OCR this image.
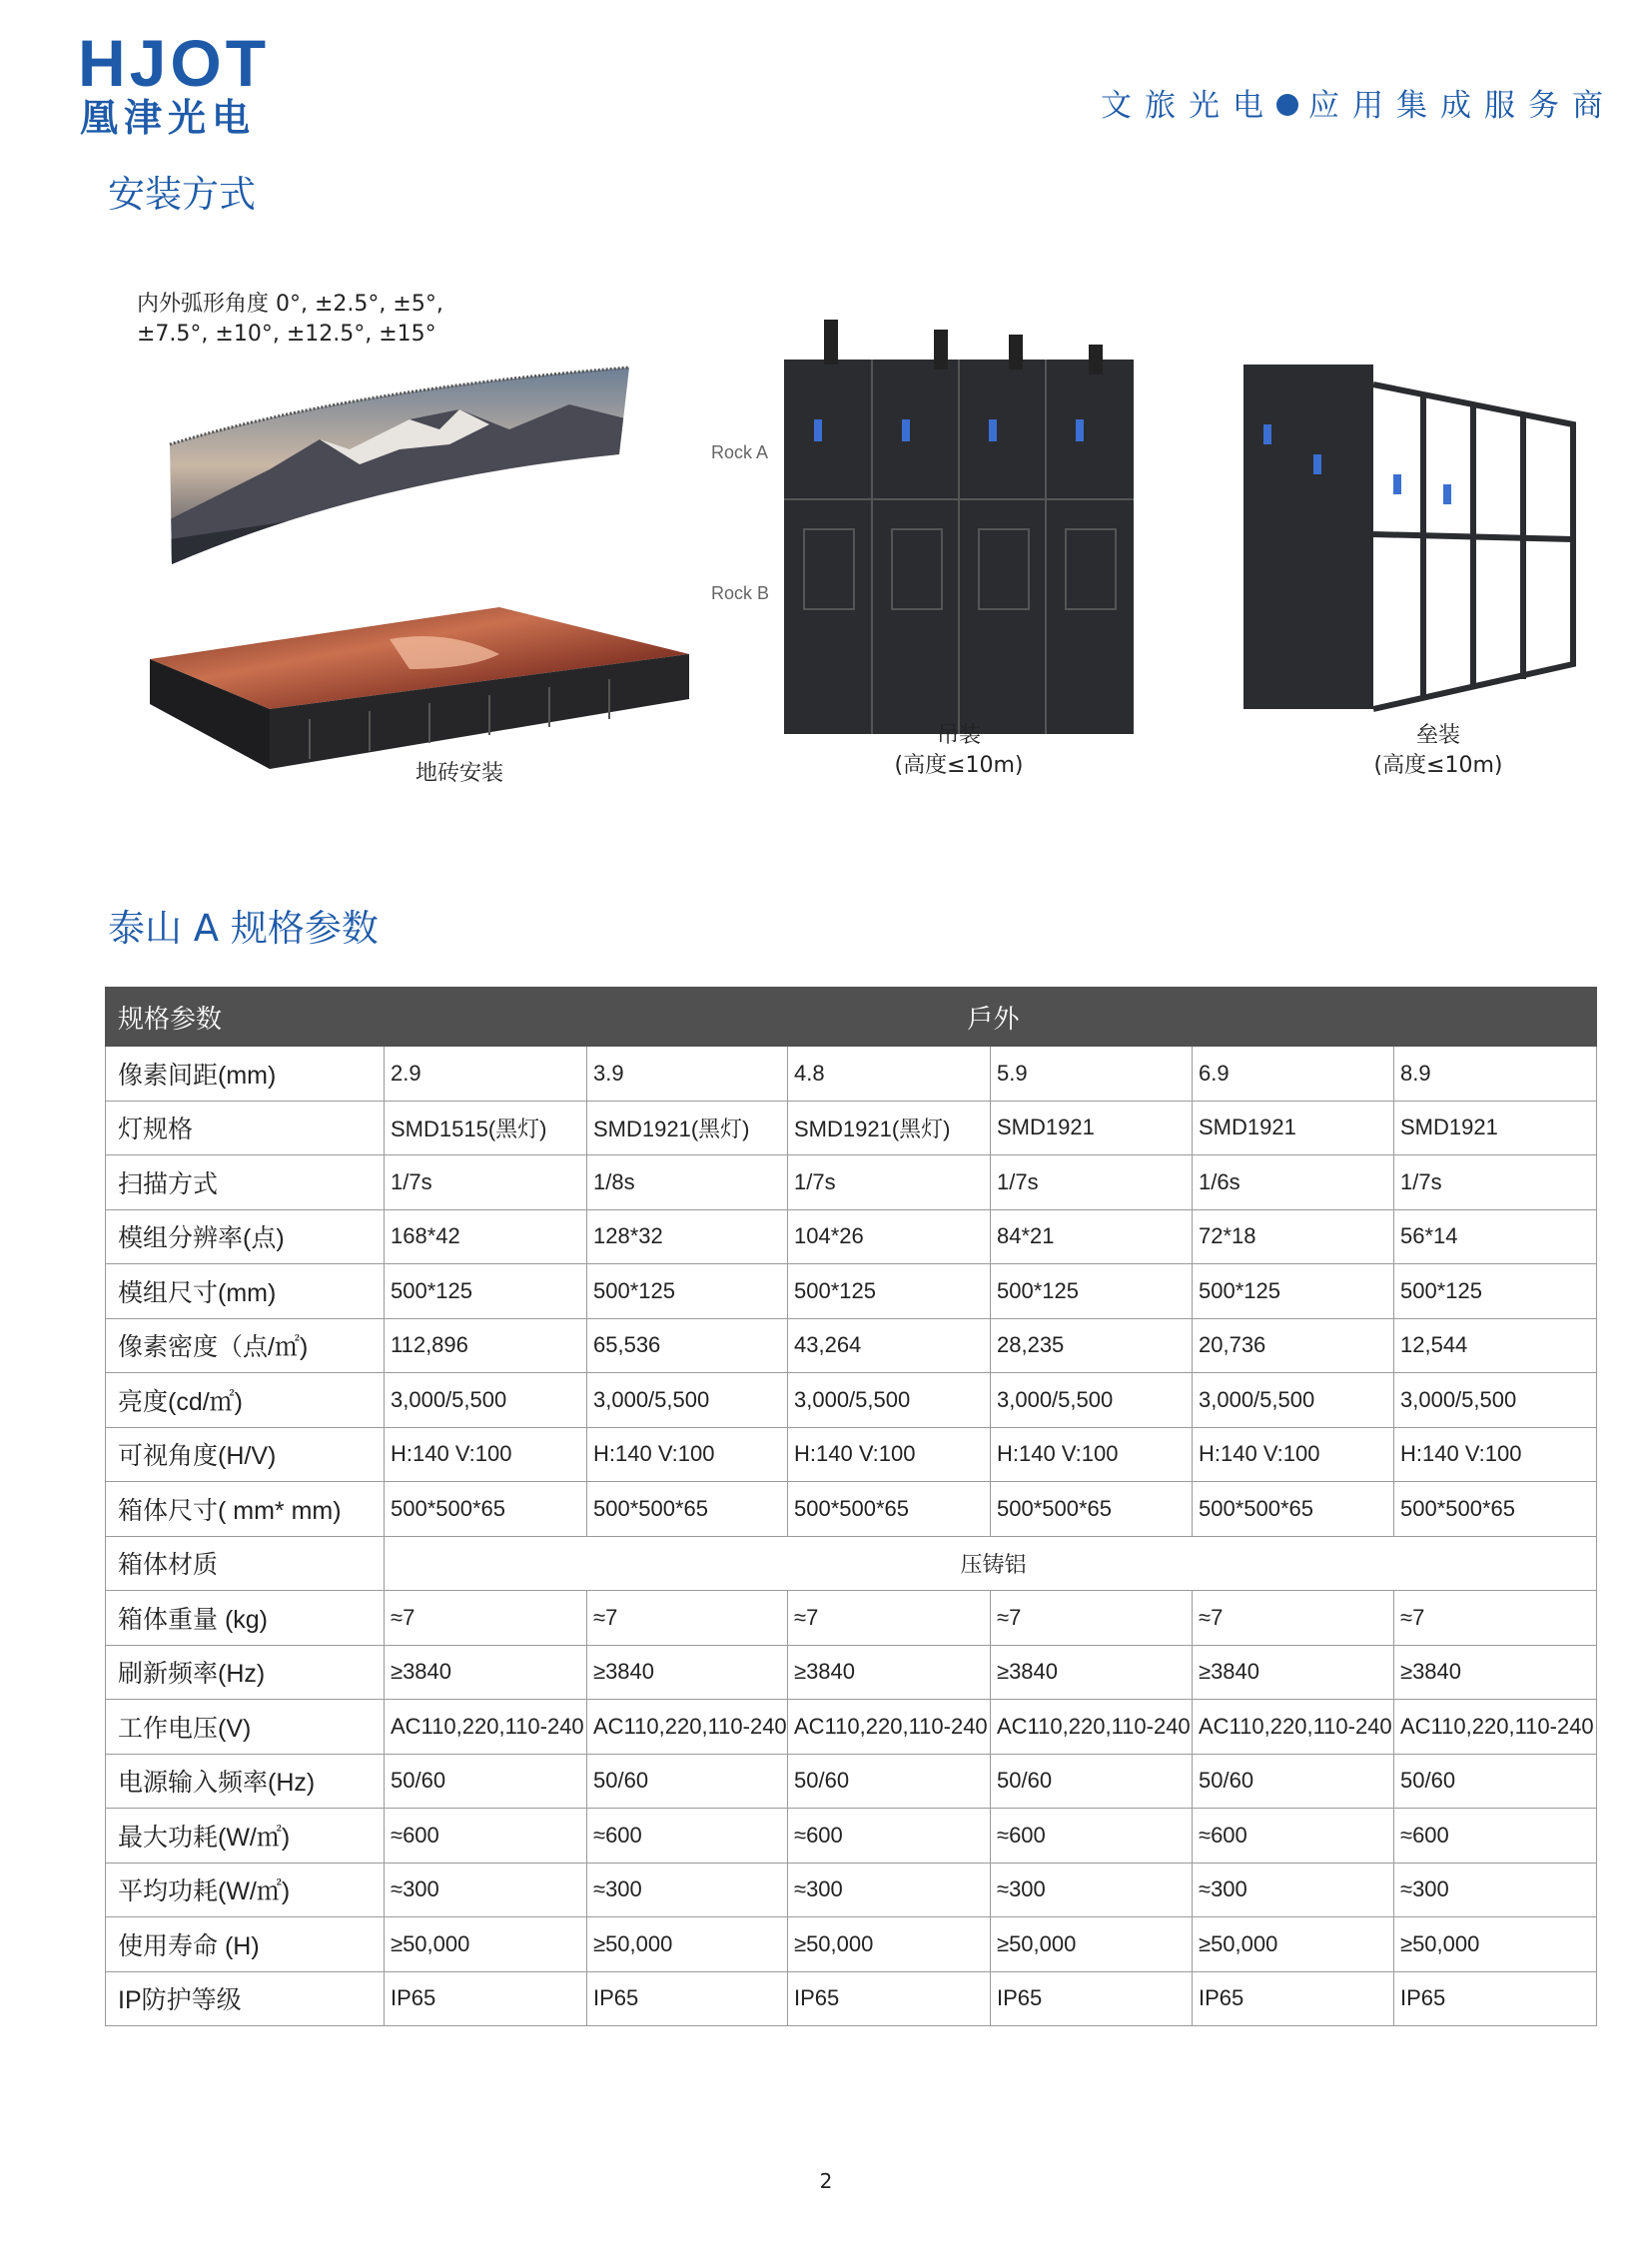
HJOT
凰津光电	文旅光电 应用集成服务商
安装方式
内外弧形角度 0°, ±2.5°, ±5°,
±7.5°, ±10°, ±12.5°, ±15°
地砖安装
Rock A
Rock B
吊装
(高度≤10m)
垒装
(高度≤10m)
泰山 A 规格参数
规格参数	戶外					
像素间距(mm)	2.9	3.9	4.8	5.9	6.9	8.9
灯规格	SMD1515(黑灯)	SMD1921(黑灯)	SMD1921(黑灯)	SMD1921	SMD1921	SMD1921
扫描方式	1/7s	1/8s	1/7s	1/7s	1/6s	1/7s
模组分辨率(点)	168*42	128*32	104*26	84*21	72*18	56*14
模组尺寸(mm)	500*125	500*125	500*125	500*125	500*125	500*125
像素密度（点/㎡)	112,896	65,536	43,264	28,235	20,736	12,544
亮度(cd/㎡)	3,000/5,500	3,000/5,500	3,000/5,500	3,000/5,500	3,000/5,500	3,000/5,500
可视角度(H/V)	H:140 V:100	H:140 V:100	H:140 V:100	H:140 V:100	H:140 V:100	H:140 V:100
箱体尺寸( mm* mm)	500*500*65	500*500*65	500*500*65	500*500*65	500*500*65	500*500*65
箱体材质	压铸铝					
箱体重量 (kg)	≈7	≈7	≈7	≈7	≈7	≈7
刷新频率(Hz)	≥3840	≥3840	≥3840	≥3840	≥3840	≥3840
工作电压(V)	AC110,220,110-240	AC110,220,110-240	AC110,220,110-240	AC110,220,110-240	AC110,220,110-240	AC110,220,110-240
电源输入频率(Hz)	50/60	50/60	50/60	50/60	50/60	50/60
最大功耗(W/㎡)	≈600	≈600	≈600	≈600	≈600	≈600
平均功耗(W/㎡)	≈300	≈300	≈300	≈300	≈300	≈300
使用寿命 (H)	≥50,000	≥50,000	≥50,000	≥50,000	≥50,000	≥50,000
IP防护等级	IP65	IP65	IP65	IP65	IP65	IP65
2
